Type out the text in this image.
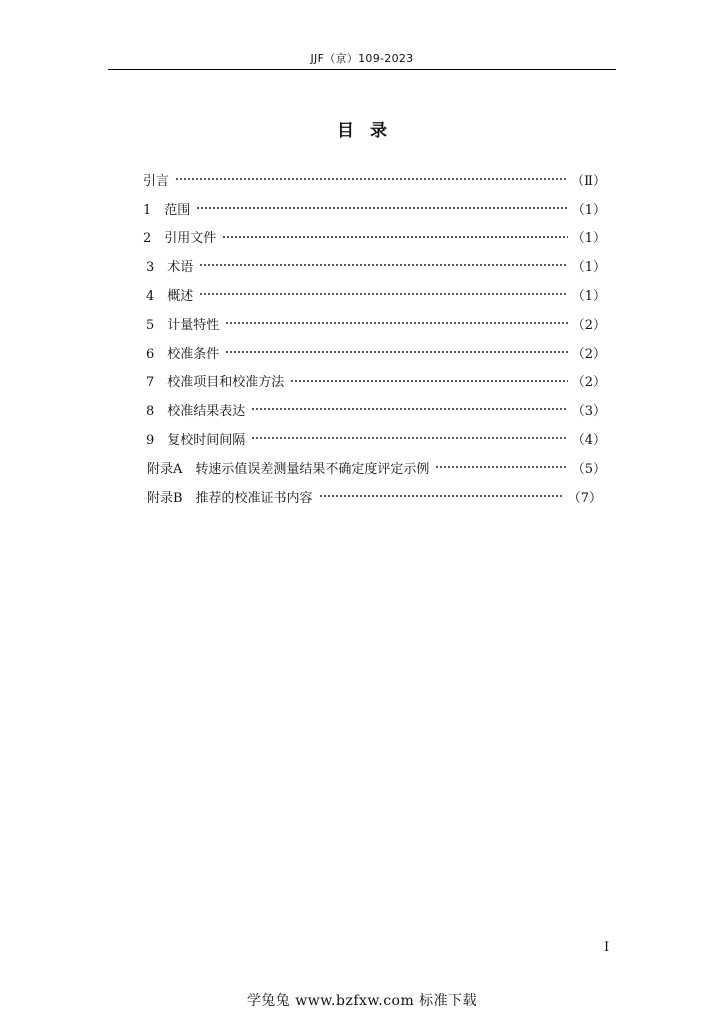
JJF（京）109-2023
目录
引言	（Ⅱ）
1　范围	（1）
2　引用文件	（1）
3　术语	（1）
4　概述	（1）
5　计量特性	（2）
6　校准条件	（2）
7　校准项目和校准方法	（2）
8　校准结果表达	（3）
9　复校时间间隔	（4）
附录A　转速示值误差测量结果不确定度评定示例	（5）
附录B　推荐的校准证书内容	（7）
I
学兔兔 www.bzfxw.com 标准下载
